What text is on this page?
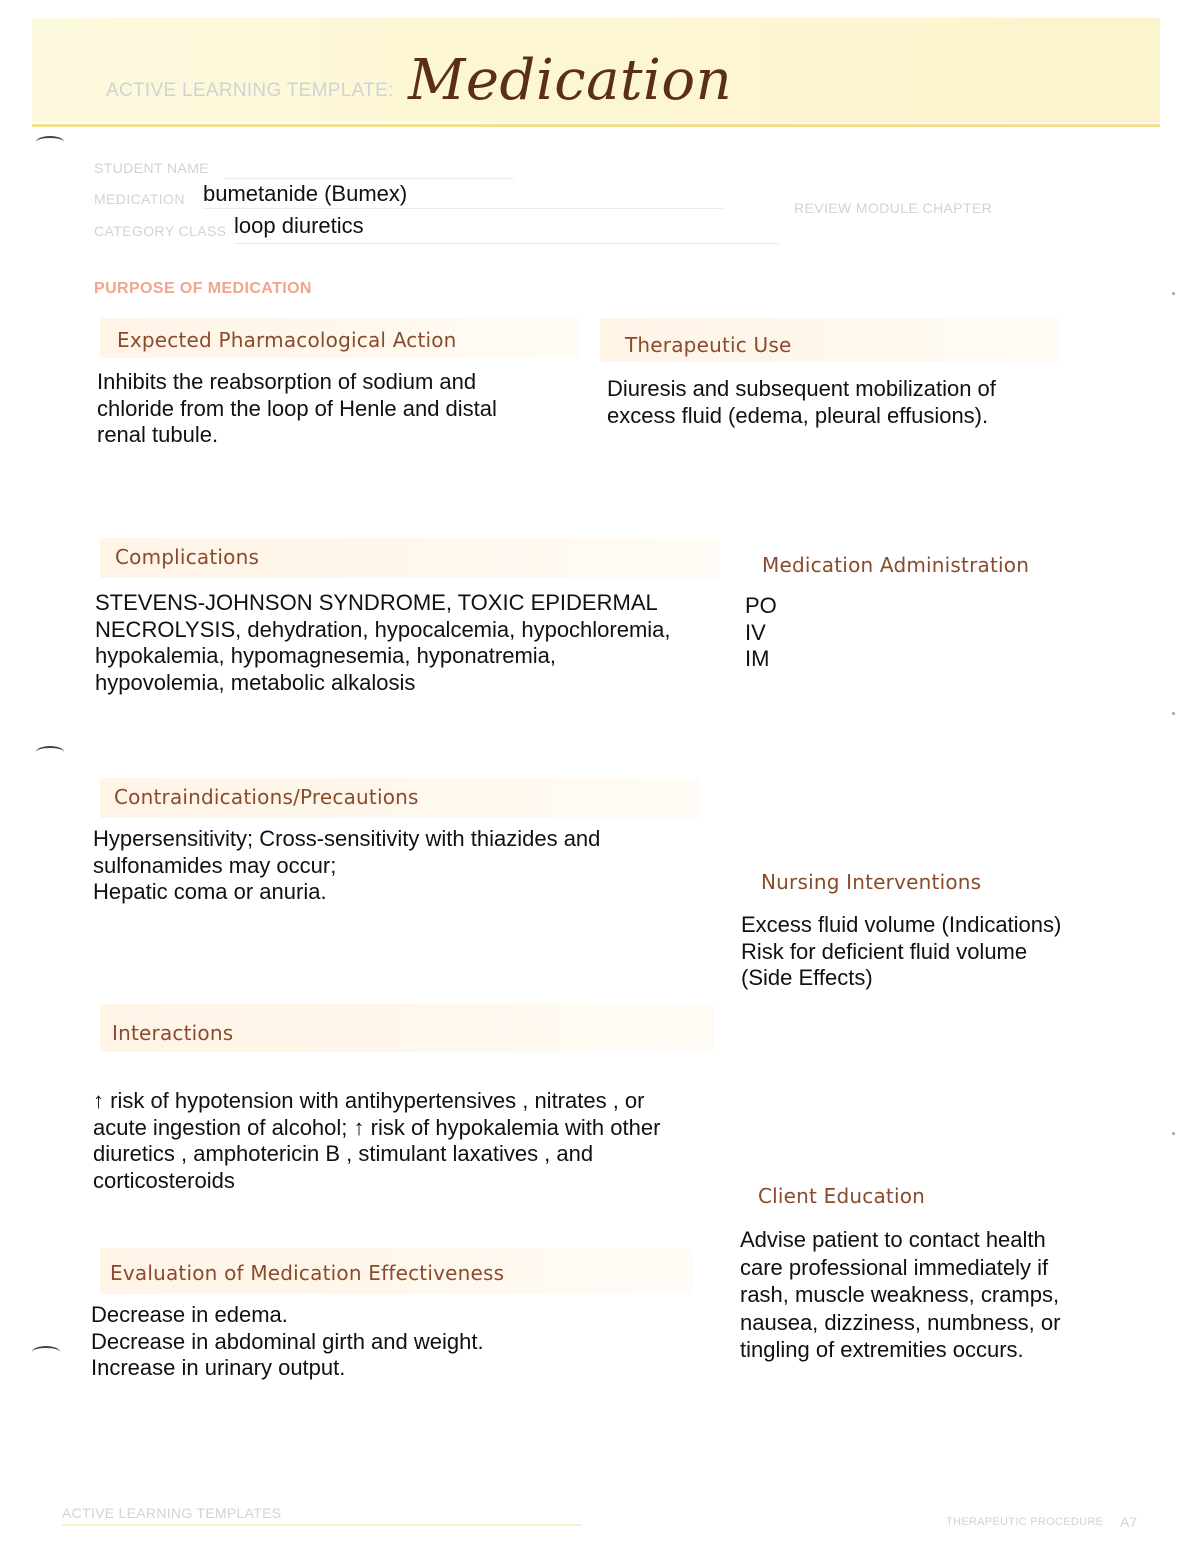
ACTIVE LEARNING TEMPLATE: Medication
STUDENT NAME
MEDICATION bumetanide (Bumex)
CATEGORY CLASS loop diuretics
REVIEW MODULE CHAPTER
PURPOSE OF MEDICATION
Expected Pharmacological Action
Inhibits the reabsorption of sodium and
chloride from the loop of Henle and distal
renal tubule.
Therapeutic Use
Diuresis and subsequent mobilization of
excess fluid (edema, pleural effusions).
Complications
STEVENS-JOHNSON SYNDROME, TOXIC EPIDERMAL
NECROLYSIS, dehydration, hypocalcemia, hypochloremia,
hypokalemia, hypomagnesemia, hyponatremia,
hypovolemia, metabolic alkalosis
Medication Administration
PO
IV
IM
Contraindications/Precautions
Hypersensitivity; Cross-sensitivity with thiazides and
sulfonamides may occur;
Hepatic coma or anuria.	Nursing Interventions
Excess fluid volume (Indications)
Risk for deficient fluid volume
(Side Effects)
Interactions
↑ risk of hypotension with antihypertensives , nitrates , or
acute ingestion of alcohol; ↑ risk of hypokalemia with other
diuretics , amphotericin B , stimulant laxatives , and
corticosteroids
Client Education
Advise patient to contact health
care professional immediately if
rash, muscle weakness, cramps,
nausea, dizziness, numbness, or
tingling of extremities occurs.
Evaluation of Medication Effectiveness
Decrease in edema.
Decrease in abdominal girth and weight.
Increase in urinary output.
ACTIVE LEARNING TEMPLATES
THERAPEUTIC PROCEDURE A7
